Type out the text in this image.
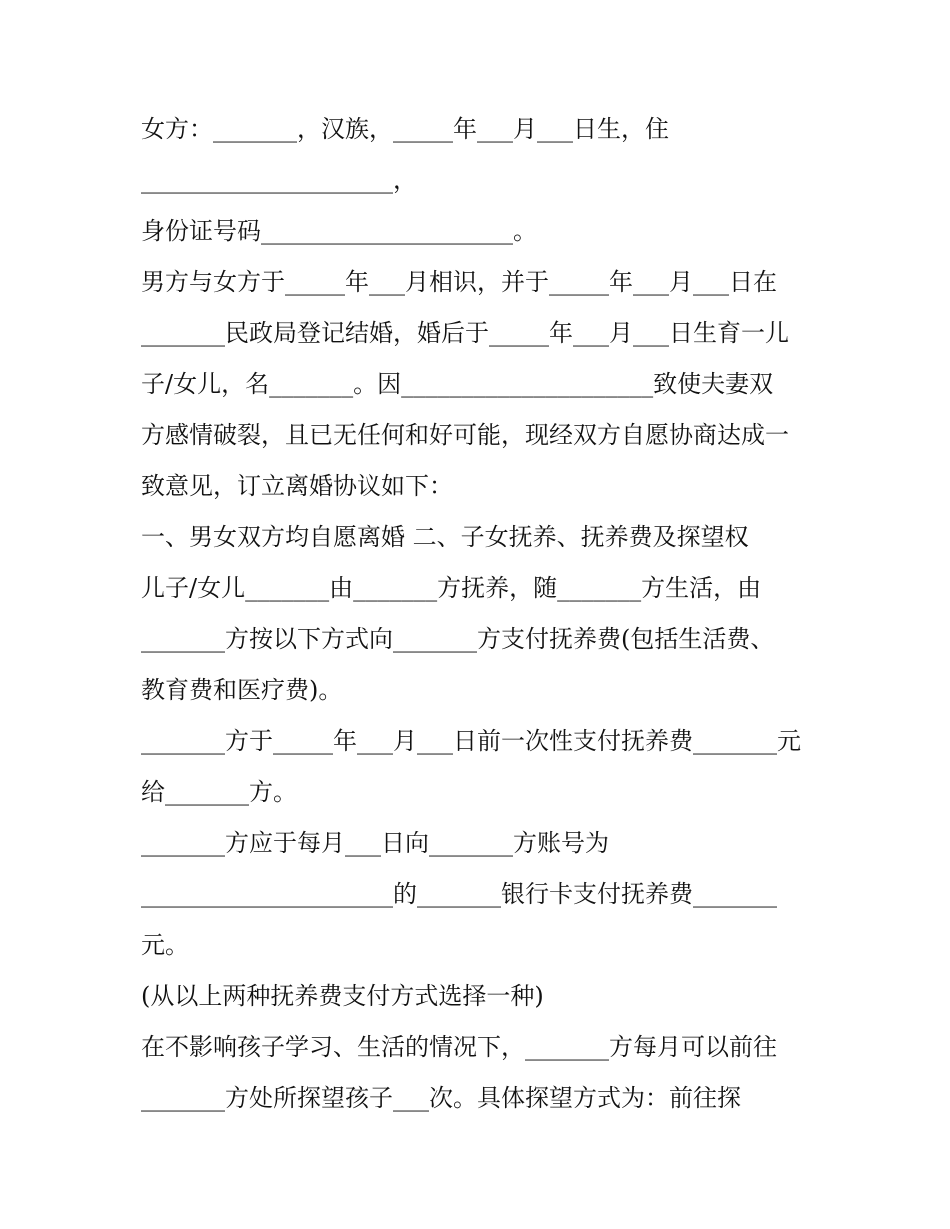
女方：_______，汉族，_____年___月___日生，住
_____________________，
身份证号码_____________________。
男方与女方于_____年___月相识，并于_____年___月___日在
_______民政局登记结婚，婚后于_____年___月___日生育一儿
子/女儿，名_______。因_____________________致使夫妻双
方感情破裂，且已无任何和好可能，现经双方自愿协商达成一
致意见，订立离婚协议如下：
一、男女双方均自愿离婚 二、子女抚养、抚养费及探望权
儿子/女儿_______由_______方抚养，随_______方生活，由
_______方按以下方式向_______方支付抚养费(包括生活费、
教育费和医疗费)。
_______方于_____年___月___日前一次性支付抚养费_______元
给_______方。
_______方应于每月___日向_______方账号为
_____________________的_______银行卡支付抚养费_______
元。
(从以上两种抚养费支付方式选择一种)
在不影响孩子学习、生活的情况下，_______方每月可以前往
_______方处所探望孩子___次。具体探望方式为：前往探
